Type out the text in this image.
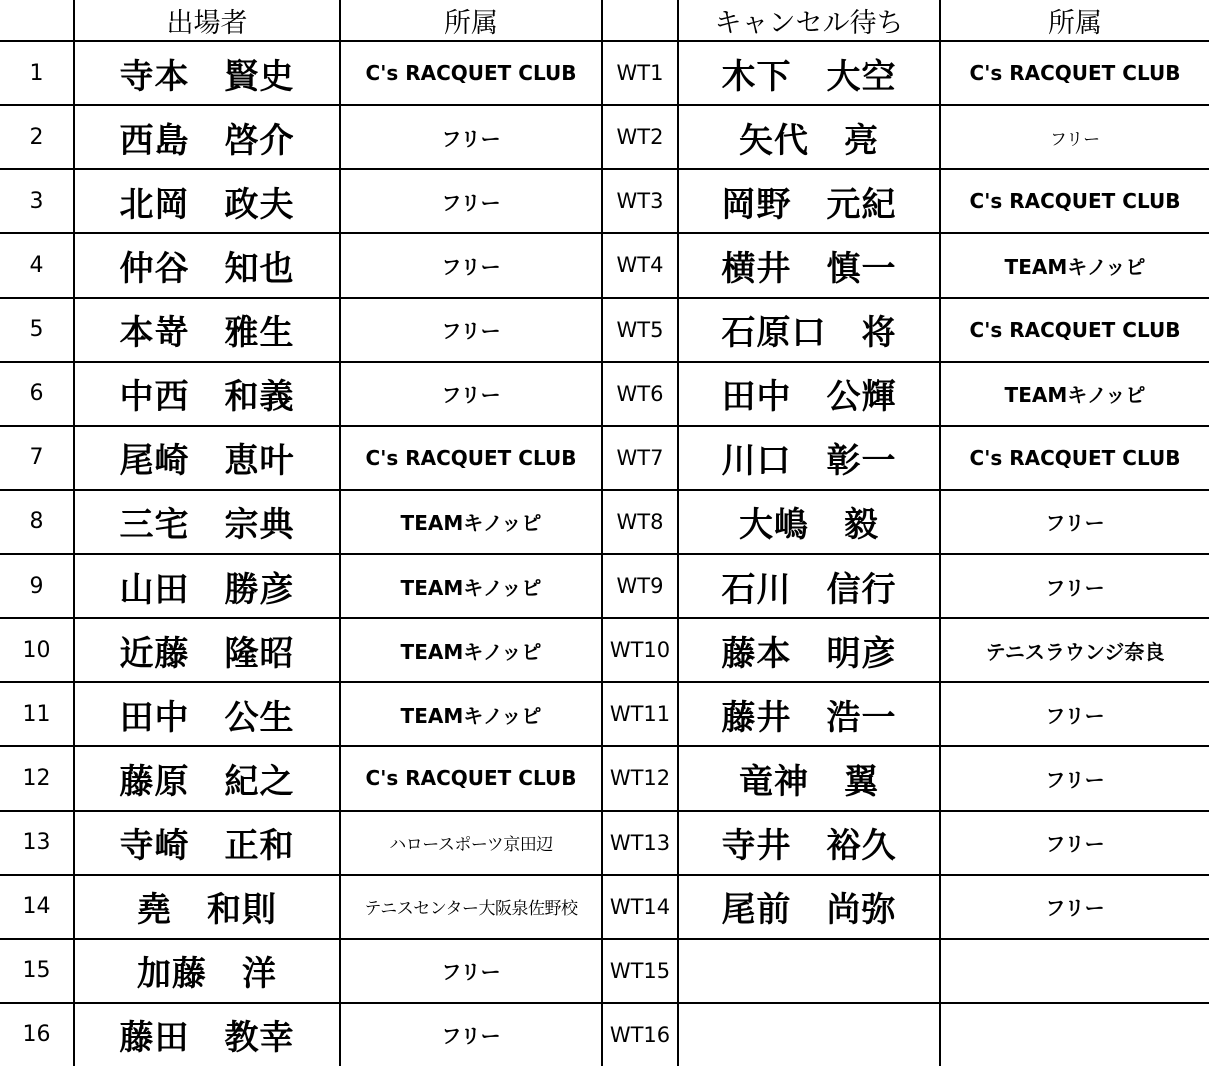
	出場者	所属		キャンセル待ち	所属
1	寺本　賢史	C's RACQUET CLUB	WT1	木下　大空	C's RACQUET CLUB
2	西島　啓介	フリー	WT2	矢代　亮	フリー
3	北岡　政夫	フリー	WT3	岡野　元紀	C's RACQUET CLUB
4	仲谷　知也	フリー	WT4	横井　慎一	TEAMキノッピ
5	本嵜　雅生	フリー	WT5	石原口　将	C's RACQUET CLUB
6	中西　和義	フリー	WT6	田中　公輝	TEAMキノッピ
7	尾崎　恵叶	C's RACQUET CLUB	WT7	川口　彰一	C's RACQUET CLUB
8	三宅　宗典	TEAMキノッピ	WT8	大嶋　毅	フリー
9	山田　勝彦	TEAMキノッピ	WT9	石川　信行	フリー
10	近藤　隆昭	TEAMキノッピ	WT10	藤本　明彦	テニスラウンジ奈良
11	田中　公生	TEAMキノッピ	WT11	藤井　浩一	フリー
12	藤原　紀之	C's RACQUET CLUB	WT12	竜神　翼	フリー
13	寺崎　正和	ハロースポーツ京田辺	WT13	寺井　裕久	フリー
14	堯　和則	テニスセンター大阪泉佐野校	WT14	尾前　尚弥	フリー
15	加藤　洋	フリー	WT15		
16	藤田　教幸	フリー	WT16		
